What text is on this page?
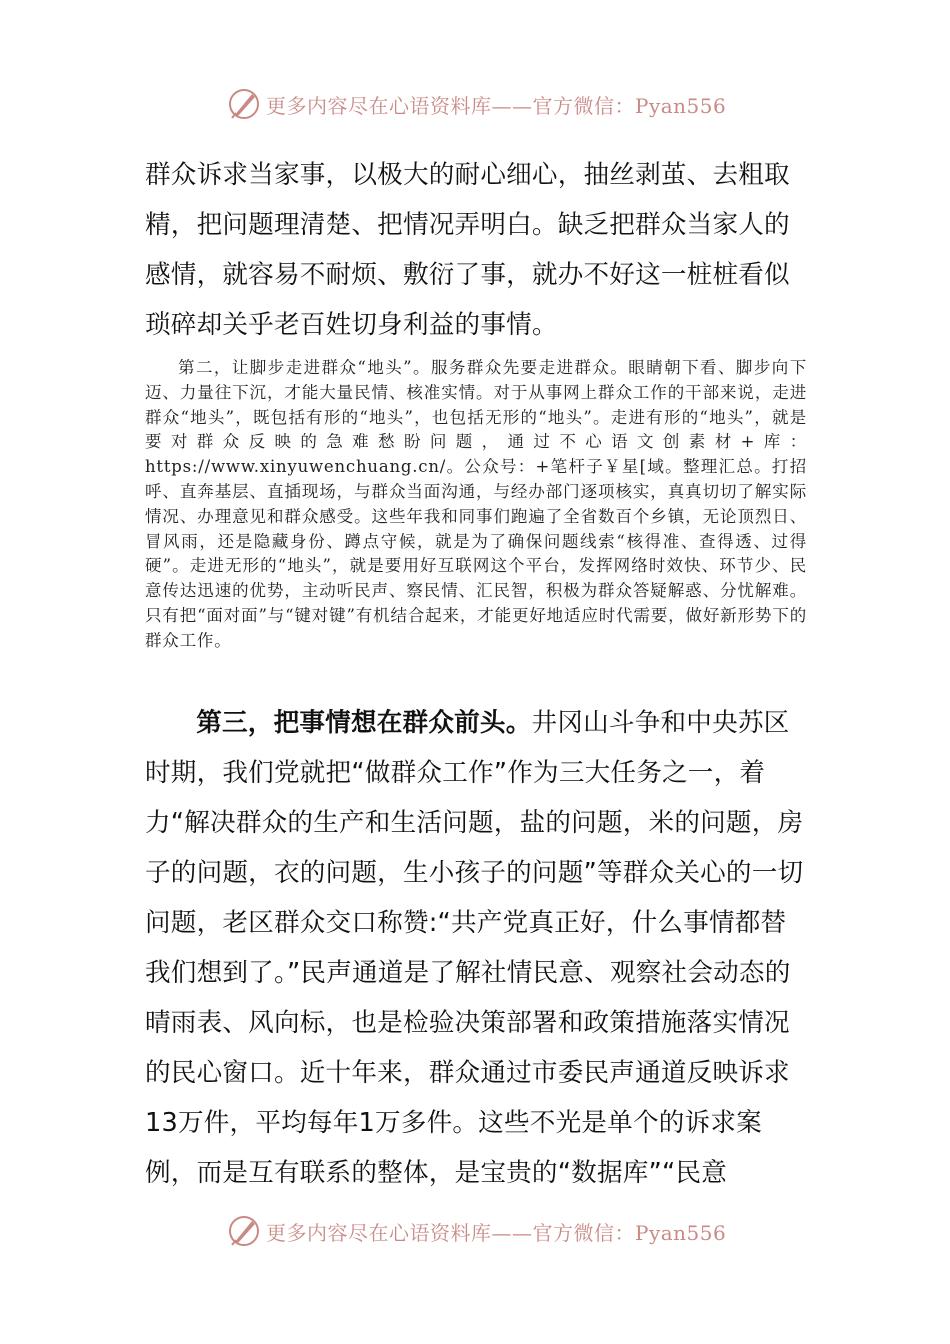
更多内容尽在心语资料库——官方微信：Pyan556

群众诉求当家事，以极大的耐心细心，抽丝剥茧、去粗取精，把问题理清楚、把情况弄明白。缺乏把群众当家人的感情，就容易不耐烦、敷衍了事，就办不好这一桩桩看似琐碎却关乎老百姓切身利益的事情。

第二，让脚步走进群众“地头”。服务群众先要走进群众。眼睛朝下看、脚步向下迈、力量往下沉，才能大量民情、核准实情。对于从事网上群众工作的干部来说，走进群众“地头”，既包括有形的“地头”，也包括无形的“地头”。走进有形的“地头”，就是要对群众反映的急难愁盼问题，通过不心语文创素材+库：https://www.xinyuwenchuang.cn/。公众号：+笔杆子￥星[域。整理汇总。打招呼、直奔基层、直插现场，与群众当面沟通，与经办部门逐项核实，真真切切了解实际情况、办理意见和群众感受。这些年我和同事们跑遍了全省数百个乡镇，无论顶烈日、冒风雨，还是隐藏身份、蹲点守候，就是为了确保问题线索“核得准、查得透、过得硬”。走进无形的“地头”，就是要用好互联网这个平台，发挥网络时效快、环节少、民意传达迅速的优势，主动听民声、察民情、汇民智，积极为群众答疑解惑、分忧解难。只有把“面对面”与“键对键”有机结合起来，才能更好地适应时代需要，做好新形势下的群众工作。

第三，把事情想在群众前头。井冈山斗争和中央苏区时期，我们党就把“做群众工作”作为三大任务之一，着力“解决群众的生产和生活问题，盐的问题，米的问题，房子的问题，衣的问题，生小孩子的问题”等群众关心的一切问题，老区群众交口称赞:“共产党真正好，什么事情都替我们想到了。”民声通道是了解社情民意、观察社会动态的晴雨表、风向标，也是检验决策部署和政策措施落实情况的民心窗口。近十年来，群众通过市委民声通道反映诉求13万件，平均每年1万多件。这些不光是单个的诉求案例，而是互有联系的整体，是宝贵的“数据库”“民意

更多内容尽在心语资料库——官方微信：Pyan556
